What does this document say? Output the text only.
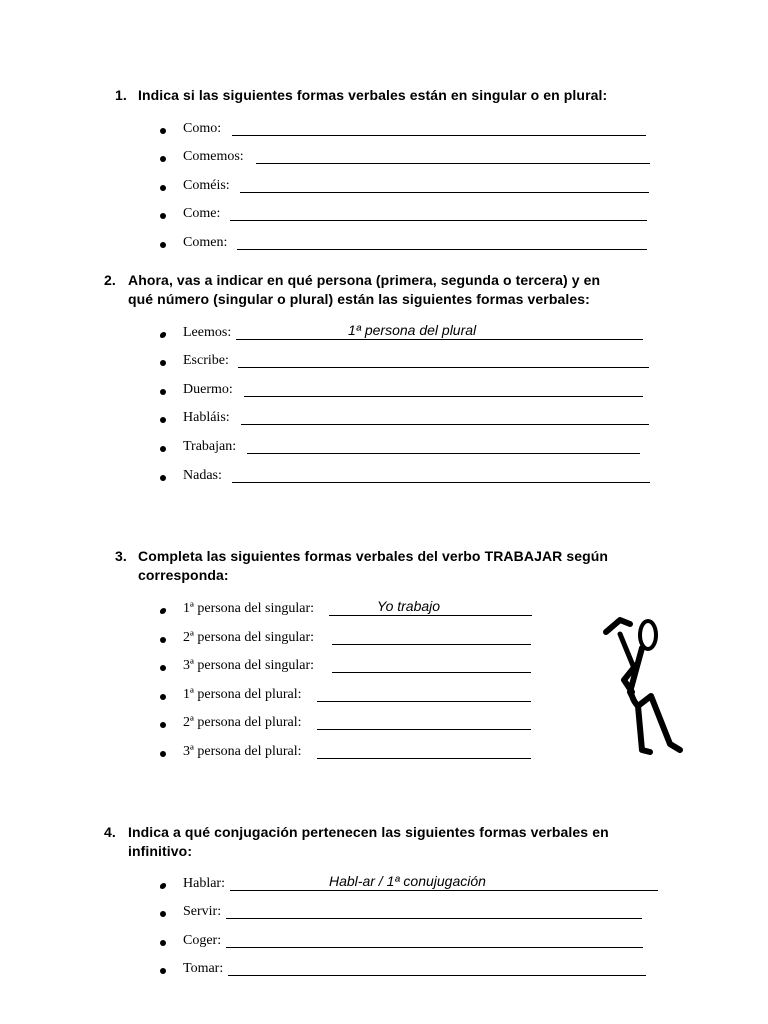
1. Indica si las siguientes formas verbales están en singular o en plural:
Como:
Comemos:
Coméis:
Come:
Comen:
2. Ahora, vas a indicar en qué persona (primera, segunda o tercera) y en
qué número (singular o plural) están las siguientes formas verbales:
Leemos:	1ª persona del plural
Escribe:
Duermo:
Habláis:
Trabajan:
Nadas:
3. Completa las siguientes formas verbales del verbo TRABAJAR según
corresponda:
1ª persona del singular:	Yo trabajo
2ª persona del singular:
3ª persona del singular:
1ª persona del plural:
2ª persona del plural:
3ª persona del plural:
4. Indica a qué conjugación pertenecen las siguientes formas verbales en
infinitivo:
Hablar:	Habl-ar / 1ª conujugación
Servir:
Coger:
Tomar:
